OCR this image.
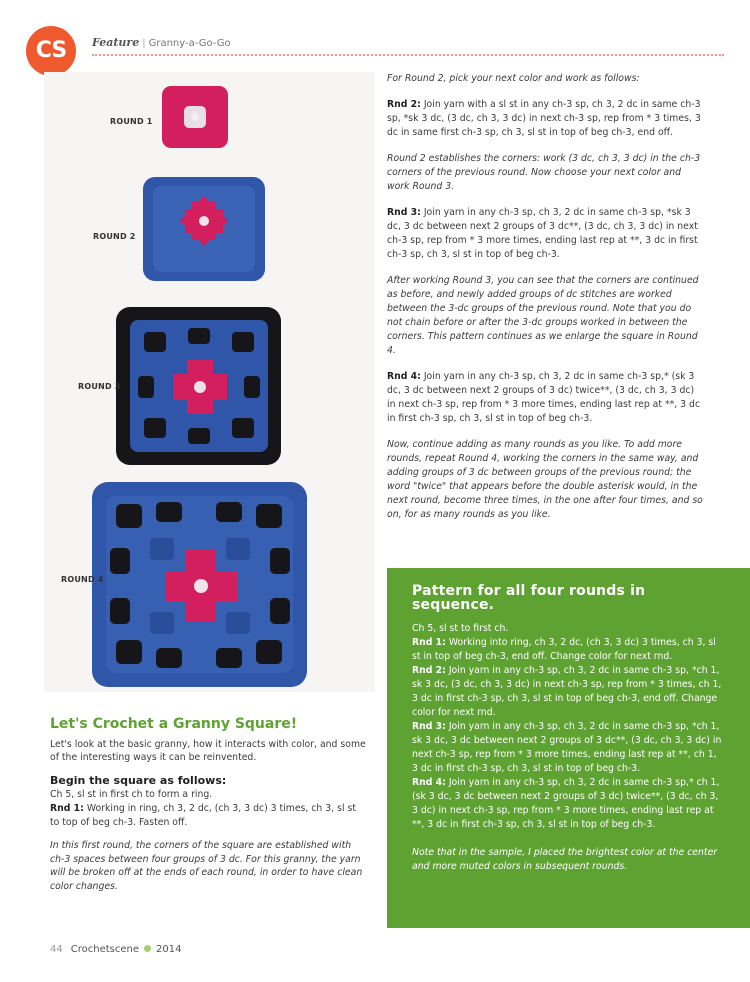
CS	Feature | Granny-a-Go-Go
ROUND 1
ROUND 2
ROUND 3
ROUND 4
Let's Crochet a Granny Square!

Let's look at the basic granny, how it interacts with color, and some of the interesting ways it can be reinvented.

Begin the square as follows:

Ch 5, sl st in first ch to form a ring.

Rnd 1: Working in ring, ch 3, 2 dc, (ch 3, 3 dc) 3 times, ch 3, sl st to top of beg ch-3. Fasten off.

In this first round, the corners of the square are established with ch-3 spaces between four groups of 3 dc. For this granny, the yarn will be broken off at the ends of each round, in order to have clean color changes.

For Round 2, pick your next color and work as follows:

Rnd 2: Join yarn with a sl st in any ch-3 sp, ch 3, 2 dc in same ch-3 sp, *sk 3 dc, (3 dc, ch 3, 3 dc) in next ch-3 sp, rep from * 3 times, 3 dc in same first ch-3 sp, ch 3, sl st in top of beg ch-3, end off.

Round 2 establishes the corners: work (3 dc, ch 3, 3 dc) in the ch-3 corners of the previous round. Now choose your next color and work Round 3.

Rnd 3: Join yarn in any ch-3 sp, ch 3, 2 dc in same ch-3 sp, *sk 3 dc, 3 dc between next 2 groups of 3 dc**, (3 dc, ch 3, 3 dc) in next ch-3 sp, rep from * 3 more times, ending last rep at **, 3 dc in first ch-3 sp, ch 3, sl st in top of beg ch-3.

After working Round 3, you can see that the corners are continued as before, and newly added groups of dc stitches are worked between the 3-dc groups of the previous round. Note that you do not chain before or after the 3-dc groups worked in between the corners. This pattern continues as we enlarge the square in Round 4.

Rnd 4: Join yarn in any ch-3 sp, ch 3, 2 dc in same ch-3 sp,* (sk 3 dc, 3 dc between next 2 groups of 3 dc) twice**, (3 dc, ch 3, 3 dc) in next ch-3 sp, rep from * 3 more times, ending last rep at **, 3 dc in first ch-3 sp, ch 3, sl st in top of beg ch-3.

Now, continue adding as many rounds as you like. To add more rounds, repeat Round 4, working the corners in the same way, and adding groups of 3 dc between groups of the previous round; the word "twice" that appears before the double asterisk would, in the next round, become three times, in the one after four times, and so on, for as many rounds as you like.

Pattern for all four rounds in sequence.

Ch 5, sl st to first ch.

Rnd 1: Working into ring, ch 3, 2 dc, (ch 3, 3 dc) 3 times, ch 3, sl st in top of beg ch-3, end off. Change color for next rnd.

Rnd 2: Join yarn in any ch-3 sp, ch 3, 2 dc in same ch-3 sp, *ch 1, sk 3 dc, (3 dc, ch 3, 3 dc) in next ch-3 sp, rep from * 3 times, ch 1, 3 dc in first ch-3 sp, ch 3, sl st in top of beg ch-3, end off. Change color for next rnd.

Rnd 3: Join yarn in any ch-3 sp, ch 3, 2 dc in same ch-3 sp, *ch 1, sk 3 dc, 3 dc between next 2 groups of 3 dc**, (3 dc, ch 3, 3 dc) in next ch-3 sp, rep from * 3 more times, ending last rep at **, ch 1, 3 dc in first ch-3 sp, ch 3, sl st in top of beg ch-3.

Rnd 4: Join yarn in any ch-3 sp, ch 3, 2 dc in same ch-3 sp,* ch 1, (sk 3 dc, 3 dc between next 2 groups of 3 dc) twice**, (3 dc, ch 3, 3 dc) in next ch-3 sp, rep from * 3 more times, ending last rep at **, 3 dc in first ch-3 sp, ch 3, sl st in top of beg ch-3.

Note that in the sample, I placed the brightest color at the center and more muted colors in subsequent rounds.

44 Crochetscene 2014
